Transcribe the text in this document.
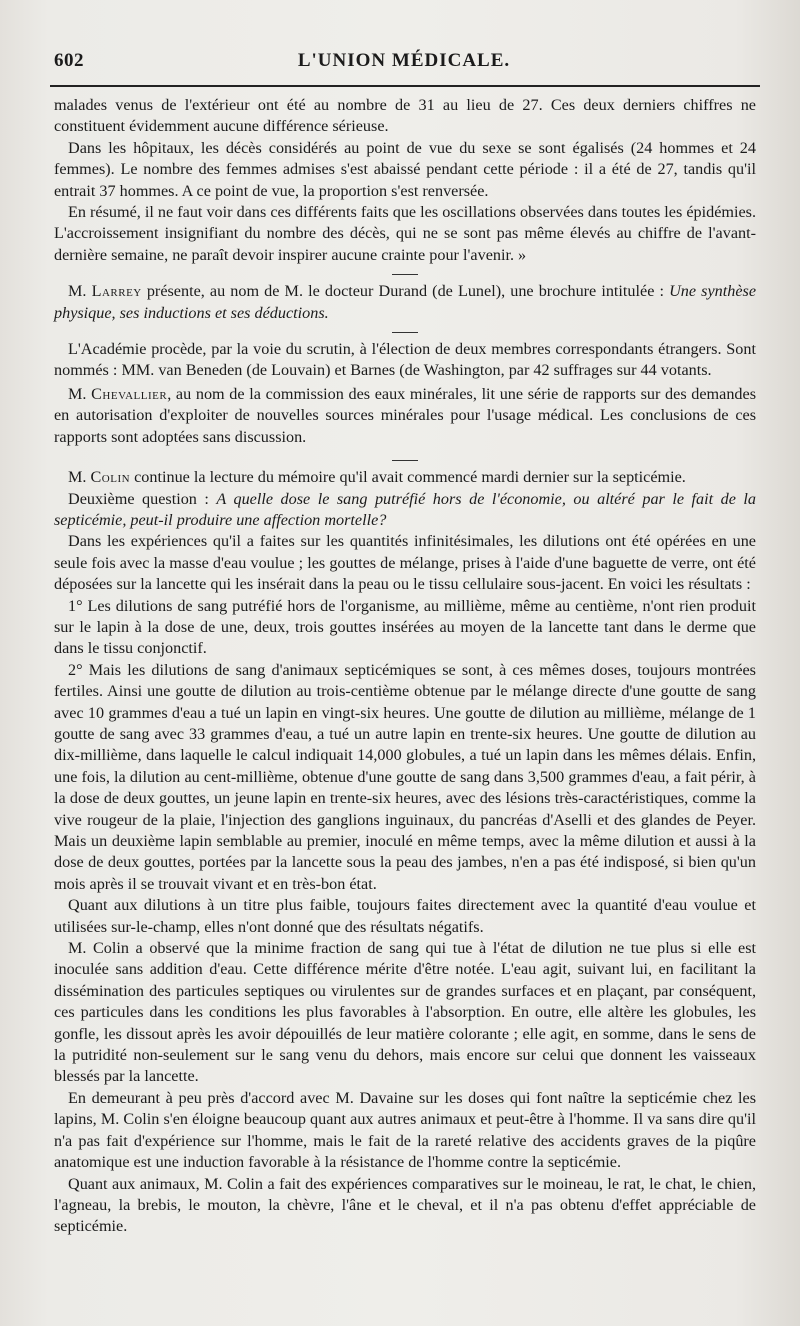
602	L'UNION MÉDICALE.

malades venus de l'extérieur ont été au nombre de 31 au lieu de 27. Ces deux derniers chiffres ne constituent évidemment aucune différence sérieuse.

Dans les hôpitaux, les décès considérés au point de vue du sexe se sont égalisés (24 hommes et 24 femmes). Le nombre des femmes admises s'est abaissé pendant cette période : il a été de 27, tandis qu'il entrait 37 hommes. A ce point de vue, la proportion s'est renversée.

En résumé, il ne faut voir dans ces différents faits que les oscillations observées dans toutes les épidémies. L'accroissement insignifiant du nombre des décès, qui ne se sont pas même élevés au chiffre de l'avant-dernière semaine, ne paraît devoir inspirer aucune crainte pour l'avenir. »

M. Larrey présente, au nom de M. le docteur Durand (de Lunel), une brochure intitulée : Une synthèse physique, ses inductions et ses déductions.

L'Académie procède, par la voie du scrutin, à l'élection de deux membres correspondants étrangers. Sont nommés : MM. van Beneden (de Louvain) et Barnes (de Washington, par 42 suffrages sur 44 votants.

M. Chevallier, au nom de la commission des eaux minérales, lit une série de rapports sur des demandes en autorisation d'exploiter de nouvelles sources minérales pour l'usage médical. Les conclusions de ces rapports sont adoptées sans discussion.

M. Colin continue la lecture du mémoire qu'il avait commencé mardi dernier sur la septicémie.

Deuxième question : A quelle dose le sang putréfié hors de l'économie, ou altéré par le fait de la septicémie, peut-il produire une affection mortelle?

Dans les expériences qu'il a faites sur les quantités infinitésimales, les dilutions ont été opérées en une seule fois avec la masse d'eau voulue ; les gouttes de mélange, prises à l'aide d'une baguette de verre, ont été déposées sur la lancette qui les insérait dans la peau ou le tissu cellulaire sous-jacent. En voici les résultats :

1° Les dilutions de sang putréfié hors de l'organisme, au millième, même au centième, n'ont rien produit sur le lapin à la dose de une, deux, trois gouttes insérées au moyen de la lancette tant dans le derme que dans le tissu conjonctif.

2° Mais les dilutions de sang d'animaux septicémiques se sont, à ces mêmes doses, toujours montrées fertiles. Ainsi une goutte de dilution au trois-centième obtenue par le mélange directe d'une goutte de sang avec 10 grammes d'eau a tué un lapin en vingt-six heures. Une goutte de dilution au millième, mélange de 1 goutte de sang avec 33 grammes d'eau, a tué un autre lapin en trente-six heures. Une goutte de dilution au dix-millième, dans laquelle le calcul indiquait 14,000 globules, a tué un lapin dans les mêmes délais. Enfin, une fois, la dilution au cent-millième, obtenue d'une goutte de sang dans 3,500 grammes d'eau, a fait périr, à la dose de deux gouttes, un jeune lapin en trente-six heures, avec des lésions très-caractéristiques, comme la vive rougeur de la plaie, l'injection des ganglions inguinaux, du pancréas d'Aselli et des glandes de Peyer. Mais un deuxième lapin semblable au premier, inoculé en même temps, avec la même dilution et aussi à la dose de deux gouttes, portées par la lancette sous la peau des jambes, n'en a pas été indisposé, si bien qu'un mois après il se trouvait vivant et en très-bon état.

Quant aux dilutions à un titre plus faible, toujours faites directement avec la quantité d'eau voulue et utilisées sur-le-champ, elles n'ont donné que des résultats négatifs.

M. Colin a observé que la minime fraction de sang qui tue à l'état de dilution ne tue plus si elle est inoculée sans addition d'eau. Cette différence mérite d'être notée. L'eau agit, suivant lui, en facilitant la dissémination des particules septiques ou virulentes sur de grandes surfaces et en plaçant, par conséquent, ces particules dans les conditions les plus favorables à l'absorption. En outre, elle altère les globules, les gonfle, les dissout après les avoir dépouillés de leur matière colorante ; elle agit, en somme, dans le sens de la putridité non-seulement sur le sang venu du dehors, mais encore sur celui que donnent les vaisseaux blessés par la lancette.

En demeurant à peu près d'accord avec M. Davaine sur les doses qui font naître la septicémie chez les lapins, M. Colin s'en éloigne beaucoup quant aux autres animaux et peut-être à l'homme. Il va sans dire qu'il n'a pas fait d'expérience sur l'homme, mais le fait de la rareté relative des accidents graves de la piqûre anatomique est une induction favorable à la résistance de l'homme contre la septicémie.

Quant aux animaux, M. Colin a fait des expériences comparatives sur le moineau, le rat, le chat, le chien, l'agneau, la brebis, le mouton, la chèvre, l'âne et le cheval, et il n'a pas obtenu d'effet appréciable de septicémie.
